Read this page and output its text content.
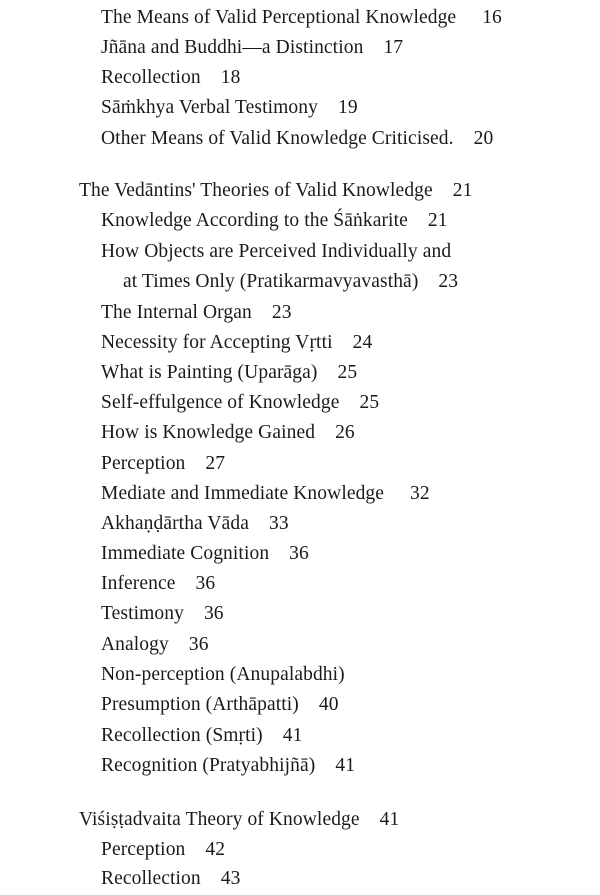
The Means of Valid Perceptional Knowledge 16
Jñāna and Buddhi—a Distinction 17
Recollection 18
Sāṁkhya Verbal Testimony 19
Other Means of Valid Knowledge Criticised. 20
The Vedāntins' Theories of Valid Knowledge 21
Knowledge According to the Śāṅkarite 21
How Objects are Perceived Individually and
at Times Only (Pratikarmavyavasthā) 23
The Internal Organ 23
Necessity for Accepting Vṛtti 24
What is Painting (Uparāga) 25
Self-effulgence of Knowledge 25
How is Knowledge Gained 26
Perception 27
Mediate and Immediate Knowledge 32
Akhaṇḍārtha Vāda 33
Immediate Cognition 36
Inference 36
Testimony 36
Analogy 36
Non-perception (Anupalabdhi)
Presumption (Arthāpatti) 40
Recollection (Smṛti) 41
Recognition (Pratyabhijñā) 41
Viśiṣṭadvaita Theory of Knowledge 41
Perception 42
Recollection 43
